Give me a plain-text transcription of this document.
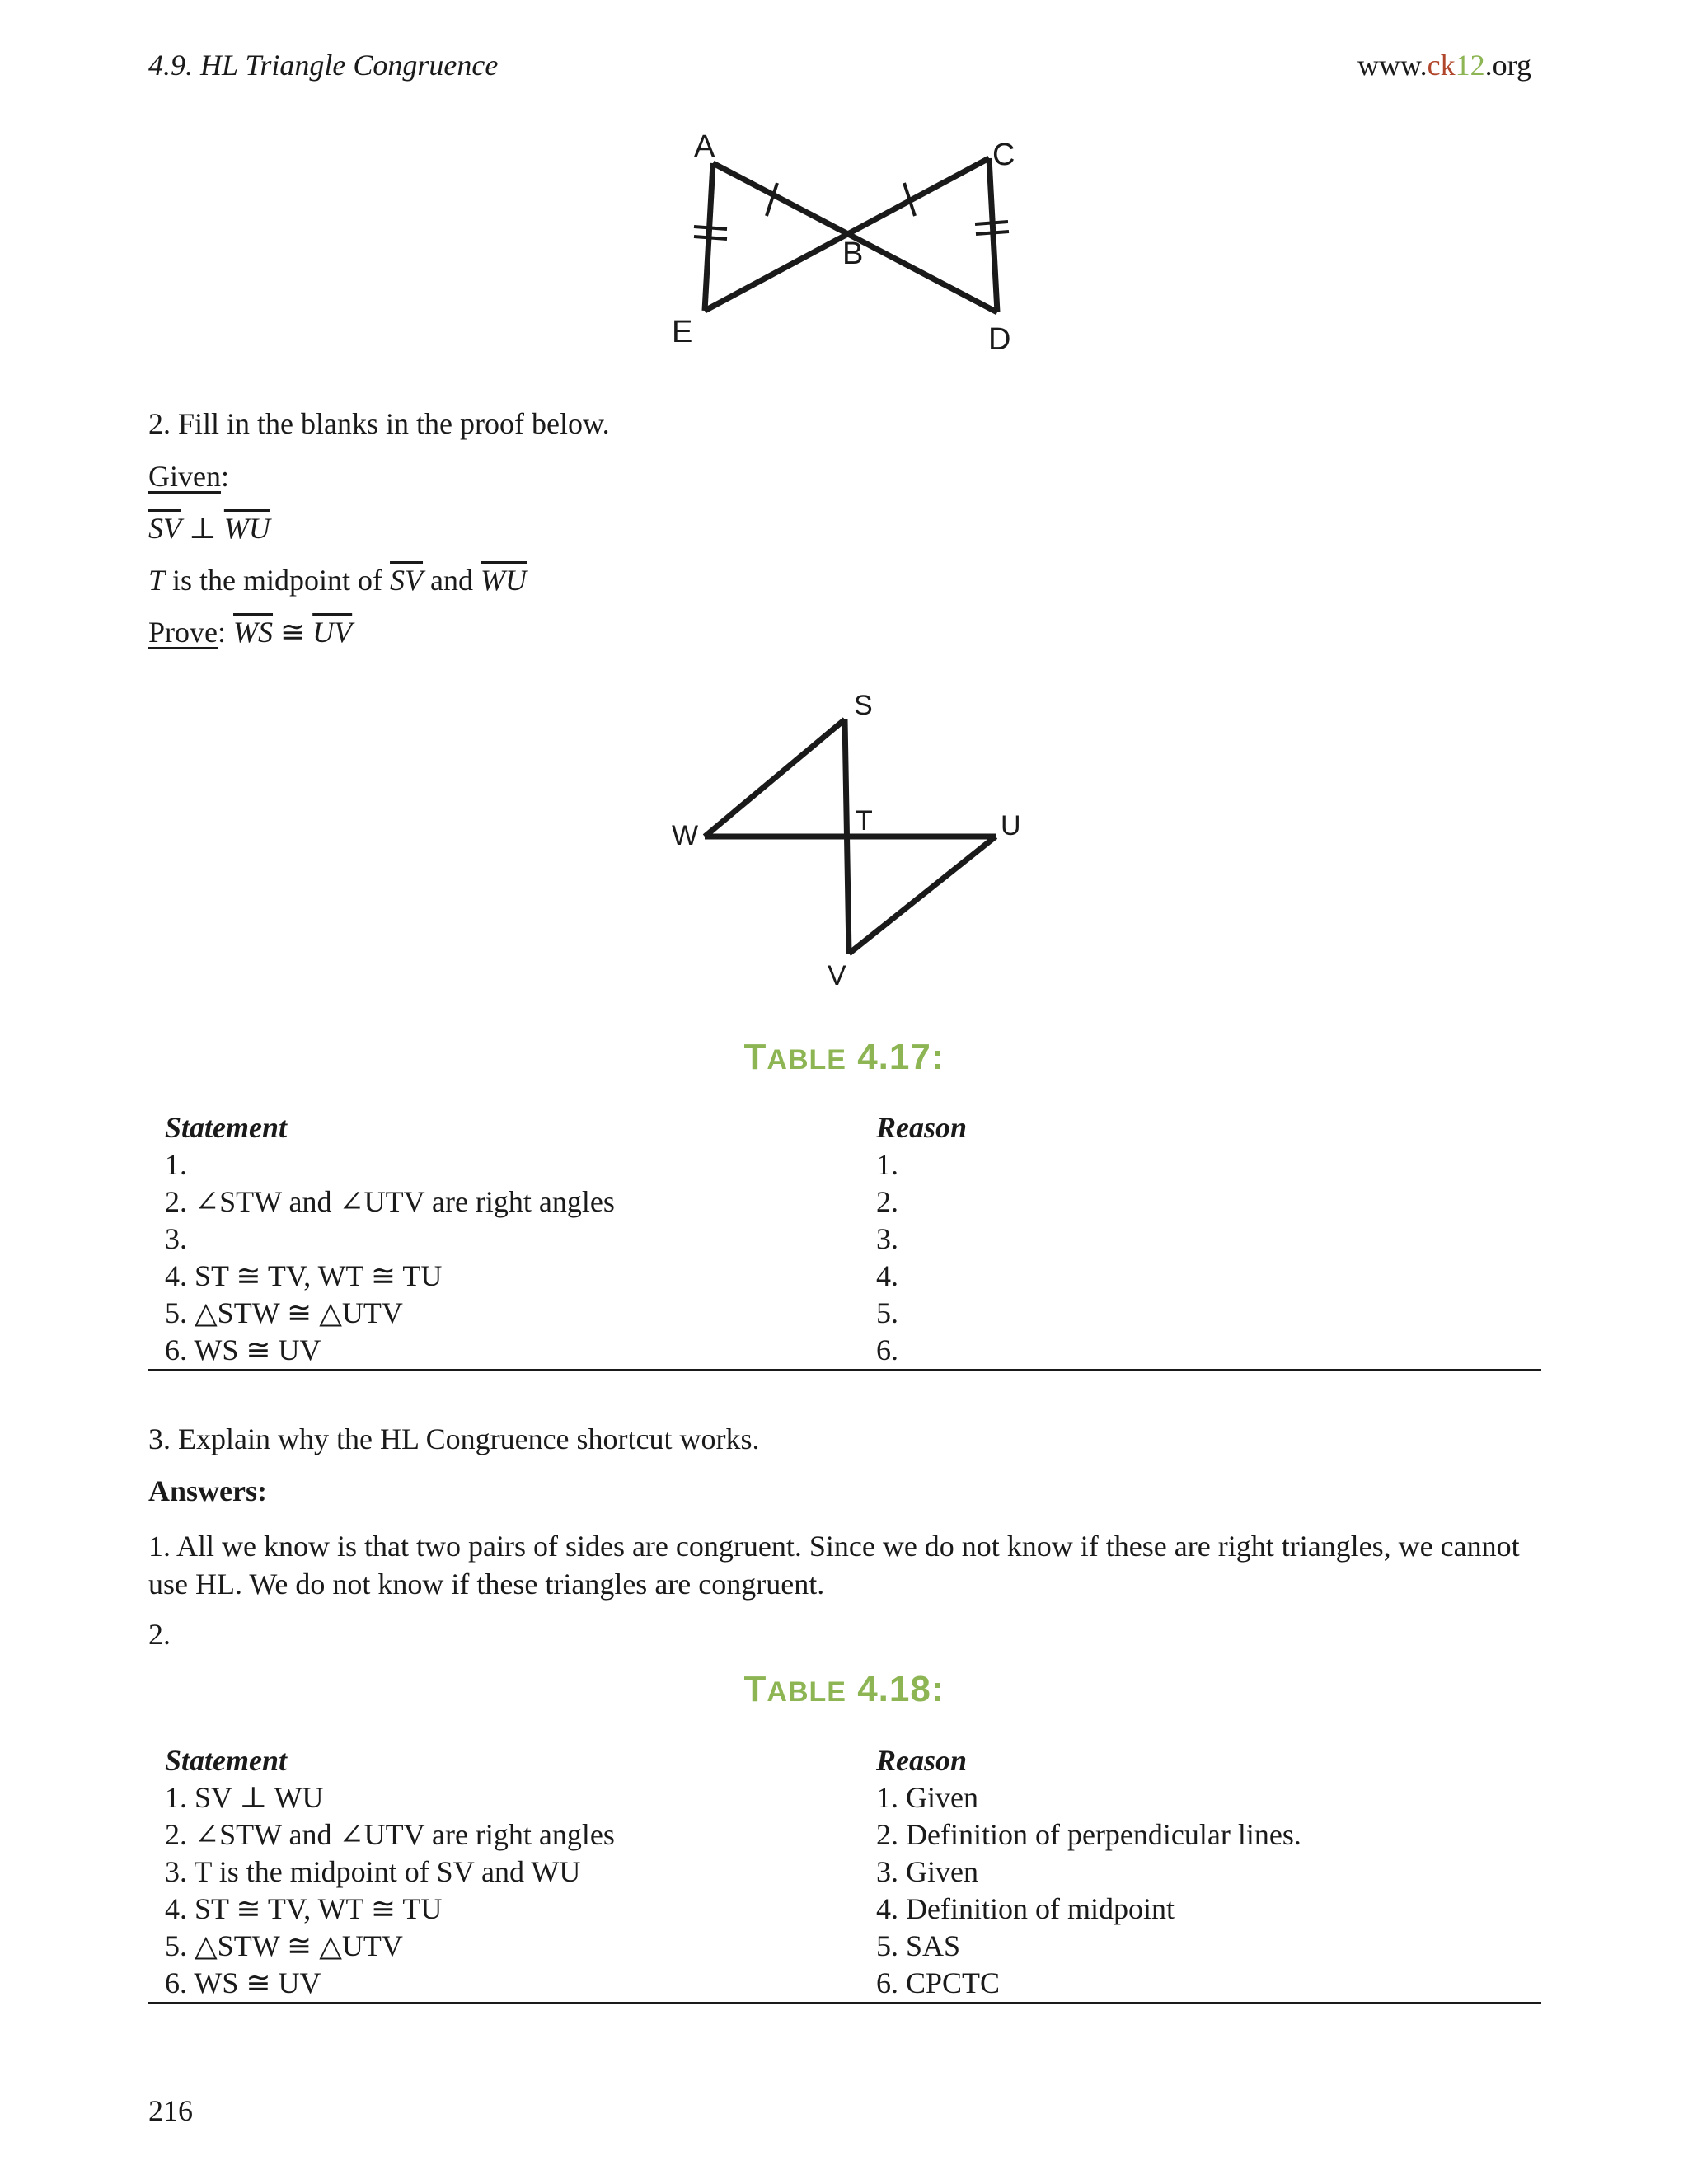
4.9. HL Triangle Congruence	www.ck12.org
A
B
C
D
E
2. Fill in the blanks in the proof below.
Given:
$\overline{SV}$ ⊥ $\overline{WU}$
T is the midpoint of $\overline{SV}$ and $\overline{WU}$
Prove: $\overline{WS}$ ≅ $\overline{UV}$
S
T	U
V
W
TABLE 4.17:
Statement	Reason
1.	1.
2. ∠STW and ∠UTV are right angles	2.
3.	3.
4. ST ≅ TV, WT ≅ TU	4.
5. △STW ≅ △UTV	5.
6. WS ≅ UV	6.
3. Explain why the HL Congruence shortcut works.
Answers:
1. All we know is that two pairs of sides are congruent. Since we do not know if these are right triangles, we cannot use HL. We do not know if these triangles are congruent.
2.
TABLE 4.18:
Statement	Reason
1. SV ⊥ WU	1. Given
2. ∠STW and ∠UTV are right angles	2. Definition of perpendicular lines.
3. T is the midpoint of SV and WU	3. Given
4. ST ≅ TV, WT ≅ TU	4. Definition of midpoint
5. △STW ≅ △UTV	5. SAS
6. WS ≅ UV	6. CPCTC
216
